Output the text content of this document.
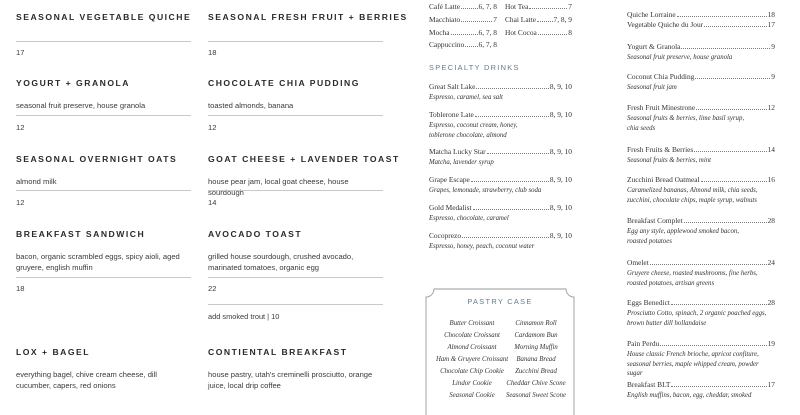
SEASONAL VEGETABLE QUICHE
17
YOGURT + GRANOLA
seasonal fruit preserve, house granola
12
SEASONAL OVERNIGHT OATS
almond milk
12
BREAKFAST SANDWICH
bacon, organic scrambled eggs, spicy aioli, aged gruyere, english muffin
18
LOX + BAGEL
everything bagel, chive cream cheese, dill cucumber, capers, red onions
SEASONAL FRESH FRUIT + BERRIES
18
CHOCOLATE CHIA PUDDING
toasted almonds, banana
12
GOAT CHEESE + LAVENDER TOAST
house pear jam, local goat cheese, house sourdough
14
AVOCADO TOAST
grilled house sourdough, crushed avocado, marinated tomatoes, organic egg
22
add smoked trout | 10
CONTIENTAL BREAKFAST
house pastry, utah's creminelli prosciutto, orange juice, local drip coffee
Café Latte	6, 7, 8
Macchiato	7
Mocha	6, 7, 8
Cappuccino 6, 7, 8
Hot Tea	7
Chai Latte 7, 8, 9
Hot Cocoa	8
SPECIALTY DRINKS
Great Salt Lake	8, 9, 10
Espresso, caramel, sea salt
Toblerone Late	8, 9, 10
Espresso, coconut cream, honey, toblerone chocolate, almond
Matcha Lucky Star	8, 9, 10
Matcha, lavender syrup
Grape Escape	8, 9, 10
Grapes, lemonade, strawberry, club soda
Gold Medalist	8, 9, 10
Espresso, chocolate, caramel
Cocoprezo	8, 9, 10
Espresso, honey, peach, coconut water
PASTRY CASE
Butter Croissant
Chocolate Croissant
Almond Croissant
Ham & Gruyere Croissant
Chocolate Chip Cookie
Lindor Cookie
Seasonal Cookie
Cinnamon Roll
Cardamom Bun
Morning Muffin
Banana Bread
Zucchini Bread
Cheddar Chive Scone
Seasonal Sweet Scone
Quiche Lorraine	18
Vegetable Quiche du Jour	17
Yogurt & Granola	9
Seasonal fruit preserve, house granola
Coconut Chia Pudding	9
Seasonal fruit jam
Fresh Fruit Minestrone	12
Seasonal fruits & berries, lime basil syrup, chia seeds
Fresh Fruits & Berries	14
Seasonal fruits & berries, mint
Zucchini Bread Oatmeal	16
Caramelized bananas, Almond milk, chia seeds, zucchini, chocolate chips, maple syrup, walnuts
Breakfast Complet	28
Egg any style, applewood smoked bacon, roasted potatoes
Omelet	24
Gruyere cheese, roasted mushrooms, fine herbs, roasted potatoes, artisan greens
Eggs Benedict	28
Prosciutto Cotto, spinach, 2 organic poached eggs, brown butter dill hollandaise
Pain Perdu	19
House classic French brioche, apricot confiture, seasonal berries, maple whipped cream, powder sugar
Breakfast BLT	17
English muffins, bacon, egg, cheddar, smoked
